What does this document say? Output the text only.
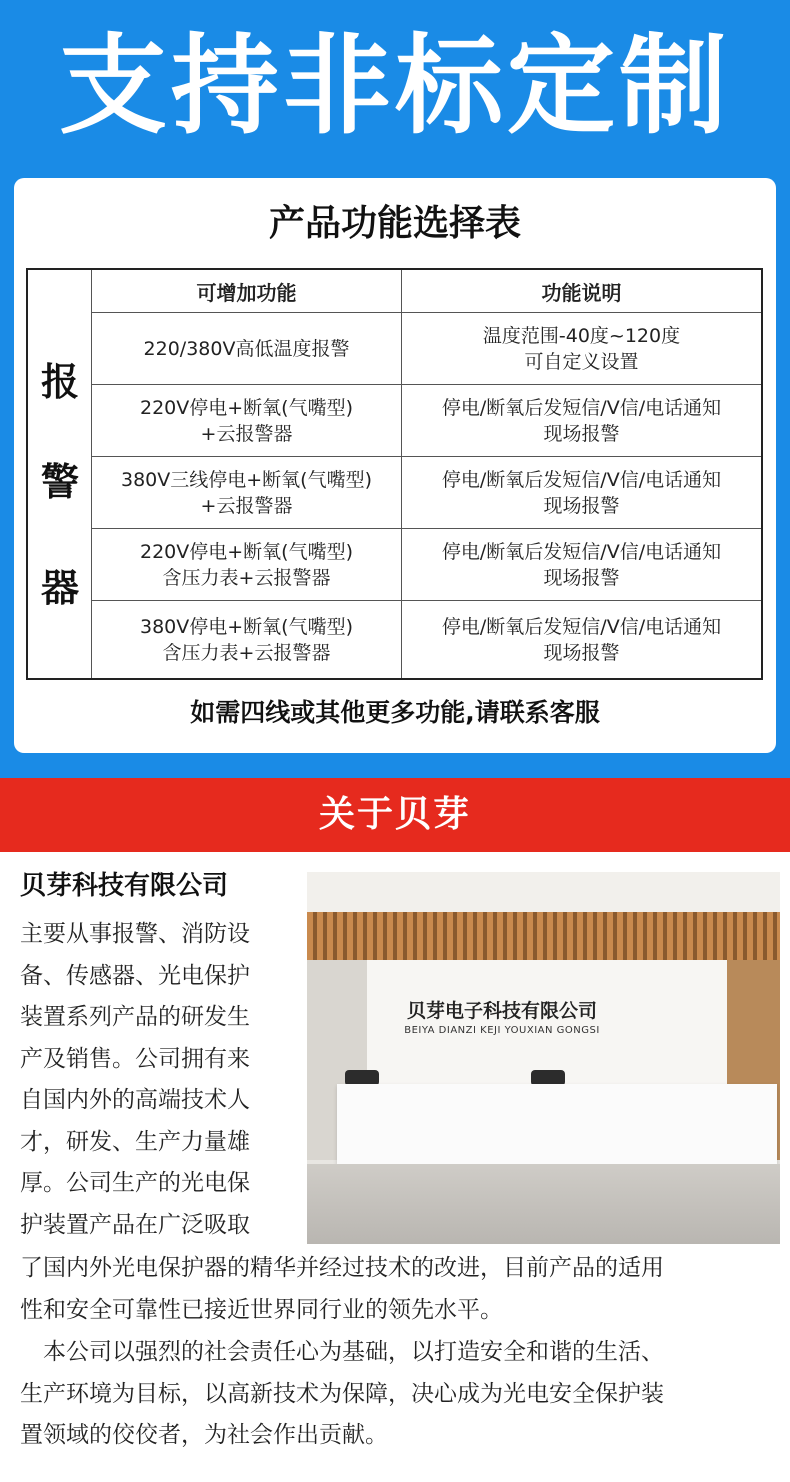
支持非标定制
产品功能选择表
报
警
器
可增加功能	功能说明
220/380V高低温度报警
温度范围-40度~120度
可自定义设置
220V停电+断氧(气嘴型)
+云报警器
停电/断氧后发短信/V信/电话通知
现场报警
380V三线停电+断氧(气嘴型)
+云报警器
停电/断氧后发短信/V信/电话通知
现场报警
220V停电+断氧(气嘴型)
含压力表+云报警器
停电/断氧后发短信/V信/电话通知
现场报警
380V停电+断氧(气嘴型)
含压力表+云报警器
停电/断氧后发短信/V信/电话通知
现场报警
如需四线或其他更多功能,请联系客服
关于贝芽
贝芽科技有限公司
主要从事报警、消防设
备、传感器、光电保护
装置系列产品的研发生
产及销售。公司拥有来
自国内外的高端技术人
才，研发、生产力量雄
厚。公司生产的光电保
护装置产品在广泛吸取
贝芽电子科技有限公司
BEIYA DIANZI KEJI YOUXIAN GONGSI
了国内外光电保护器的精华并经过技术的改进，目前产品的适用
性和安全可靠性已接近世界同行业的领先水平。
本公司以强烈的社会责任心为基础，以打造安全和谐的生活、
生产环境为目标，以高新技术为保障，决心成为光电安全保护装
置领域的佼佼者，为社会作出贡献。
